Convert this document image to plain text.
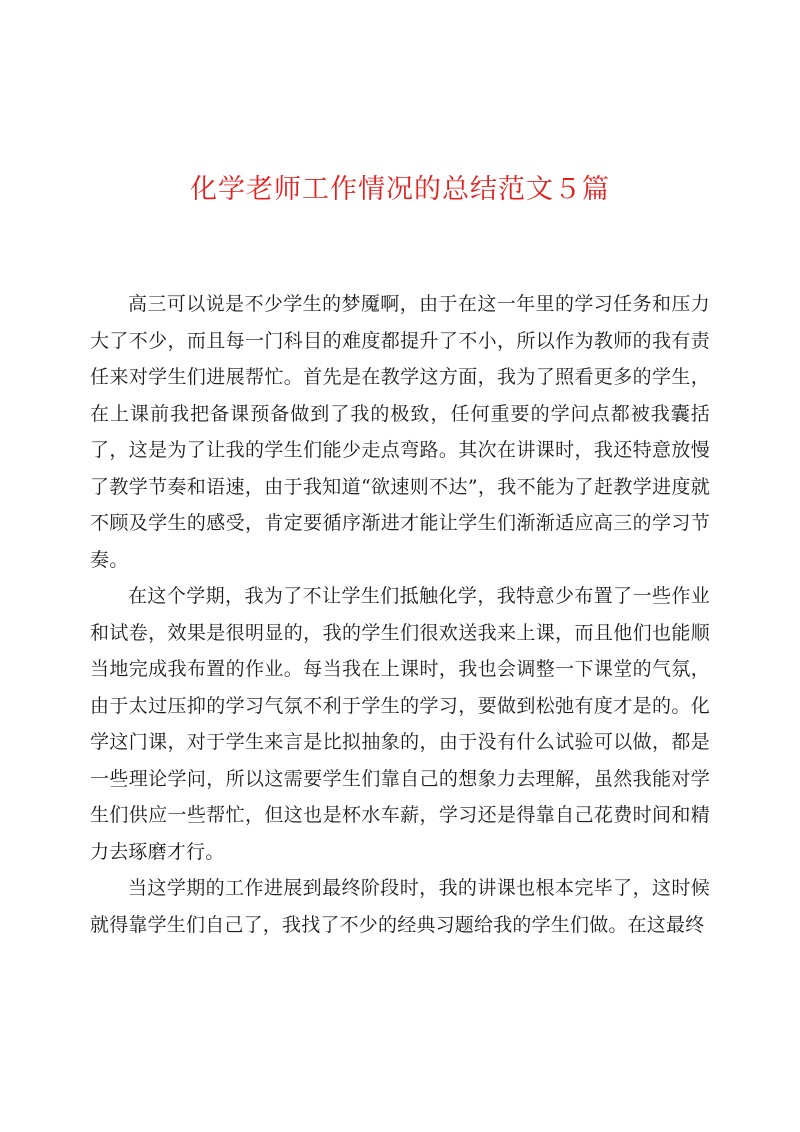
化学老师工作情况的总结范文５篇

高三可以说是不少学生的梦魇啊，由于在这一年里的学习任务和压力大了不少，而且每一门科目的难度都提升了不小，所以作为教师的我有责任来对学生们进展帮忙。首先是在教学这方面，我为了照看更多的学生，在上课前我把备课预备做到了我的极致，任何重要的学问点都被我囊括了，这是为了让我的学生们能少走点弯路。其次在讲课时，我还特意放慢了教学节奏和语速，由于我知道“欲速则不达”，我不能为了赶教学进度就不顾及学生的感受，肯定要循序渐进才能让学生们渐渐适应高三的学习节奏。

在这个学期，我为了不让学生们抵触化学，我特意少布置了一些作业和试卷，效果是很明显的，我的学生们很欢送我来上课，而且他们也能顺当地完成我布置的作业。每当我在上课时，我也会调整一下课堂的气氛，由于太过压抑的学习气氛不利于学生的学习，要做到松弛有度才是的。化学这门课，对于学生来言是比拟抽象的，由于没有什么试验可以做，都是一些理论学问，所以这需要学生们靠自己的想象力去理解，虽然我能对学生们供应一些帮忙，但这也是杯水车薪，学习还是得靠自己花费时间和精力去琢磨才行。

当这学期的工作进展到最终阶段时，我的讲课也根本完毕了，这时候就得靠学生们自己了，我找了不少的经典习题给我的学生们做。在这最终
